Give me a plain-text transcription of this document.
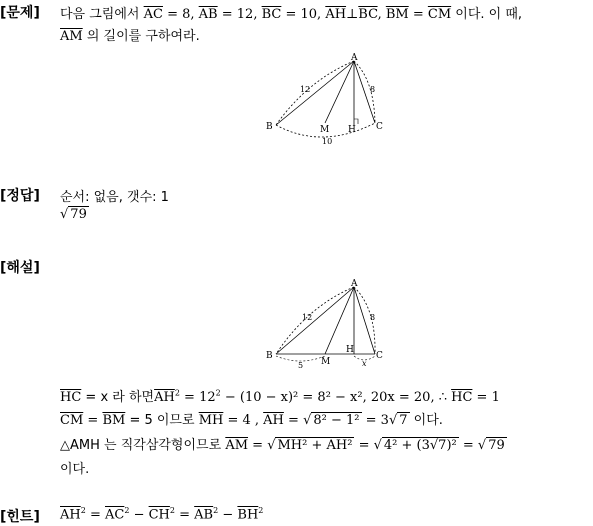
[문제] 다음 그림에서 $\overline{AC} = 8$, $\overline{AB} = 12$, $\overline{BC} = 10$, $\overline{AH}\perp\overline{BC}$, $\overline{BM} = \overline{CM}$ 이다. 이 때,
$\overline{AM}$ 의 길이를 구하여라.
A
B	C
M H
12	8
10
[정답] 순서: 없음, 갯수: 1
√ 79
[해설]
A
B	C
M
H
12	8
5	x
$\overline{HC} = x$ 라 하면$\overline{AH}^2 = 12^2 - (10 - x)^2 = 8^2 - x^2$, 20x = 20, ∴ $\overline{HC} = 1$
$\overline{CM} = \overline{BM} = 5$ 이므로 $\overline{MH} = 4$ , $\overline{AH}$ = √ 8² − 1² = 3√ 7 이다.
△AMH 는 직각삼각형이므로 $\overline{AM}$ = √ MH² + AH² = √ 4² + (3√7)² = √ 79
이다.
[힌트] $\overline{AH}^2 = \overline{AC}^2 - \overline{CH}^2 = \overline{AB}^2 - \overline{BH}^2$
